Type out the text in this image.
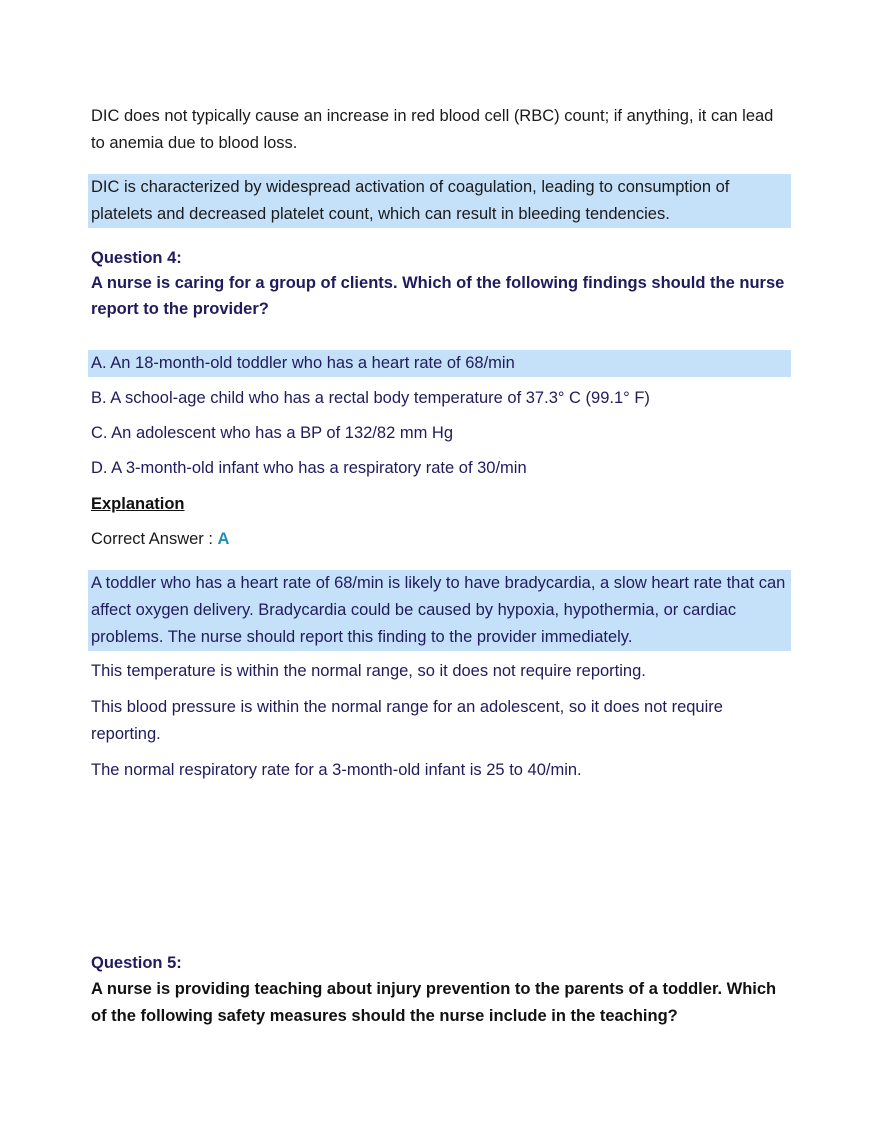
DIC does not typically cause an increase in red blood cell (RBC) count; if anything, it can lead to anemia due to blood loss.

DIC is characterized by widespread activation of coagulation, leading to consumption of platelets and decreased platelet count, which can result in bleeding tendencies.

Question 4:

A nurse is caring for a group of clients. Which of the following findings should the nurse report to the provider?

A. An 18-month-old toddler who has a heart rate of 68/min

B. A school-age child who has a rectal body temperature of 37.3° C (99.1° F)

C. An adolescent who has a BP of 132/82 mm Hg

D. A 3-month-old infant who has a respiratory rate of 30/min

Explanation

Correct Answer : A

A toddler who has a heart rate of 68/min is likely to have bradycardia, a slow heart rate that can affect oxygen delivery. Bradycardia could be caused by hypoxia, hypothermia, or cardiac problems. The nurse should report this finding to the provider immediately.

This temperature is within the normal range, so it does not require reporting.

This blood pressure is within the normal range for an adolescent, so it does not require reporting.

The normal respiratory rate for a 3-month-old infant is 25 to 40/min.

Question 5:

A nurse is providing teaching about injury prevention to the parents of a toddler. Which of the following safety measures should the nurse include in the teaching?
